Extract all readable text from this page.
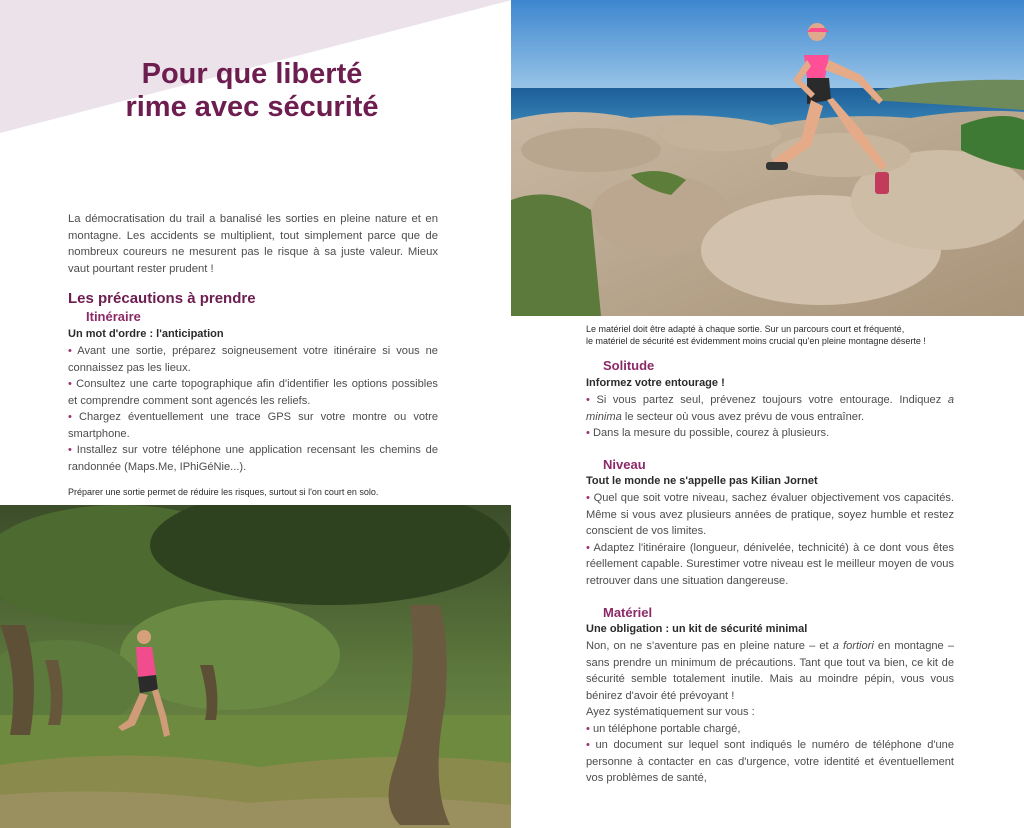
Pour que liberté
rime avec sécurité
La démocratisation du trail a banalisé les sorties en pleine nature et en montagne. Les accidents se multiplient, tout simplement parce que de nombreux coureurs ne mesurent pas le risque à sa juste valeur. Mieux vaut pourtant rester prudent !
Les précautions à prendre
Itinéraire
Un mot d'ordre : l'anticipation

• Avant une sortie, préparez soigneusement votre itinéraire si vous ne connaissez pas les lieux.

• Consultez une carte topographique afin d'identifier les options possibles et comprendre comment sont agencés les reliefs.

• Chargez éventuellement une trace GPS sur votre montre ou votre smartphone.

• Installez sur votre téléphone une application recensant les chemins de randonnée (Maps.Me, IPhiGéNie...).

Préparer une sortie permet de réduire les risques, surtout si l'on court en solo.
Le matériel doit être adapté à chaque sortie. Sur un parcours court et fréquenté,
le matériel de sécurité est évidemment moins crucial qu'en pleine montagne déserte !
Solitude
Informez votre entourage !

• Si vous partez seul, prévenez toujours votre entourage. Indiquez a minima le secteur où vous avez prévu de vous entraîner.

• Dans la mesure du possible, courez à plusieurs.

Niveau
Tout le monde ne s'appelle pas Kilian Jornet

• Quel que soit votre niveau, sachez évaluer objectivement vos capacités. Même si vous avez plusieurs années de pratique, soyez humble et restez conscient de vos limites.

• Adaptez l'itinéraire (longueur, dénivelée, technicité) à ce dont vous êtes réellement capable. Surestimer votre niveau est le meilleur moyen de vous retrouver dans une situation dangereuse.

Matériel
Une obligation : un kit de sécurité minimal

Non, on ne s'aventure pas en pleine nature – et a fortiori en montagne – sans prendre un minimum de précautions. Tant que tout va bien, ce kit de sécurité semble totalement inutile. Mais au moindre pépin, vous vous bénirez d'avoir été prévoyant !

Ayez systématiquement sur vous :

• un téléphone portable chargé,

• un document sur lequel sont indiqués le numéro de téléphone d'une personne à contacter en cas d'urgence, votre identité et éventuellement vos problèmes de santé,
